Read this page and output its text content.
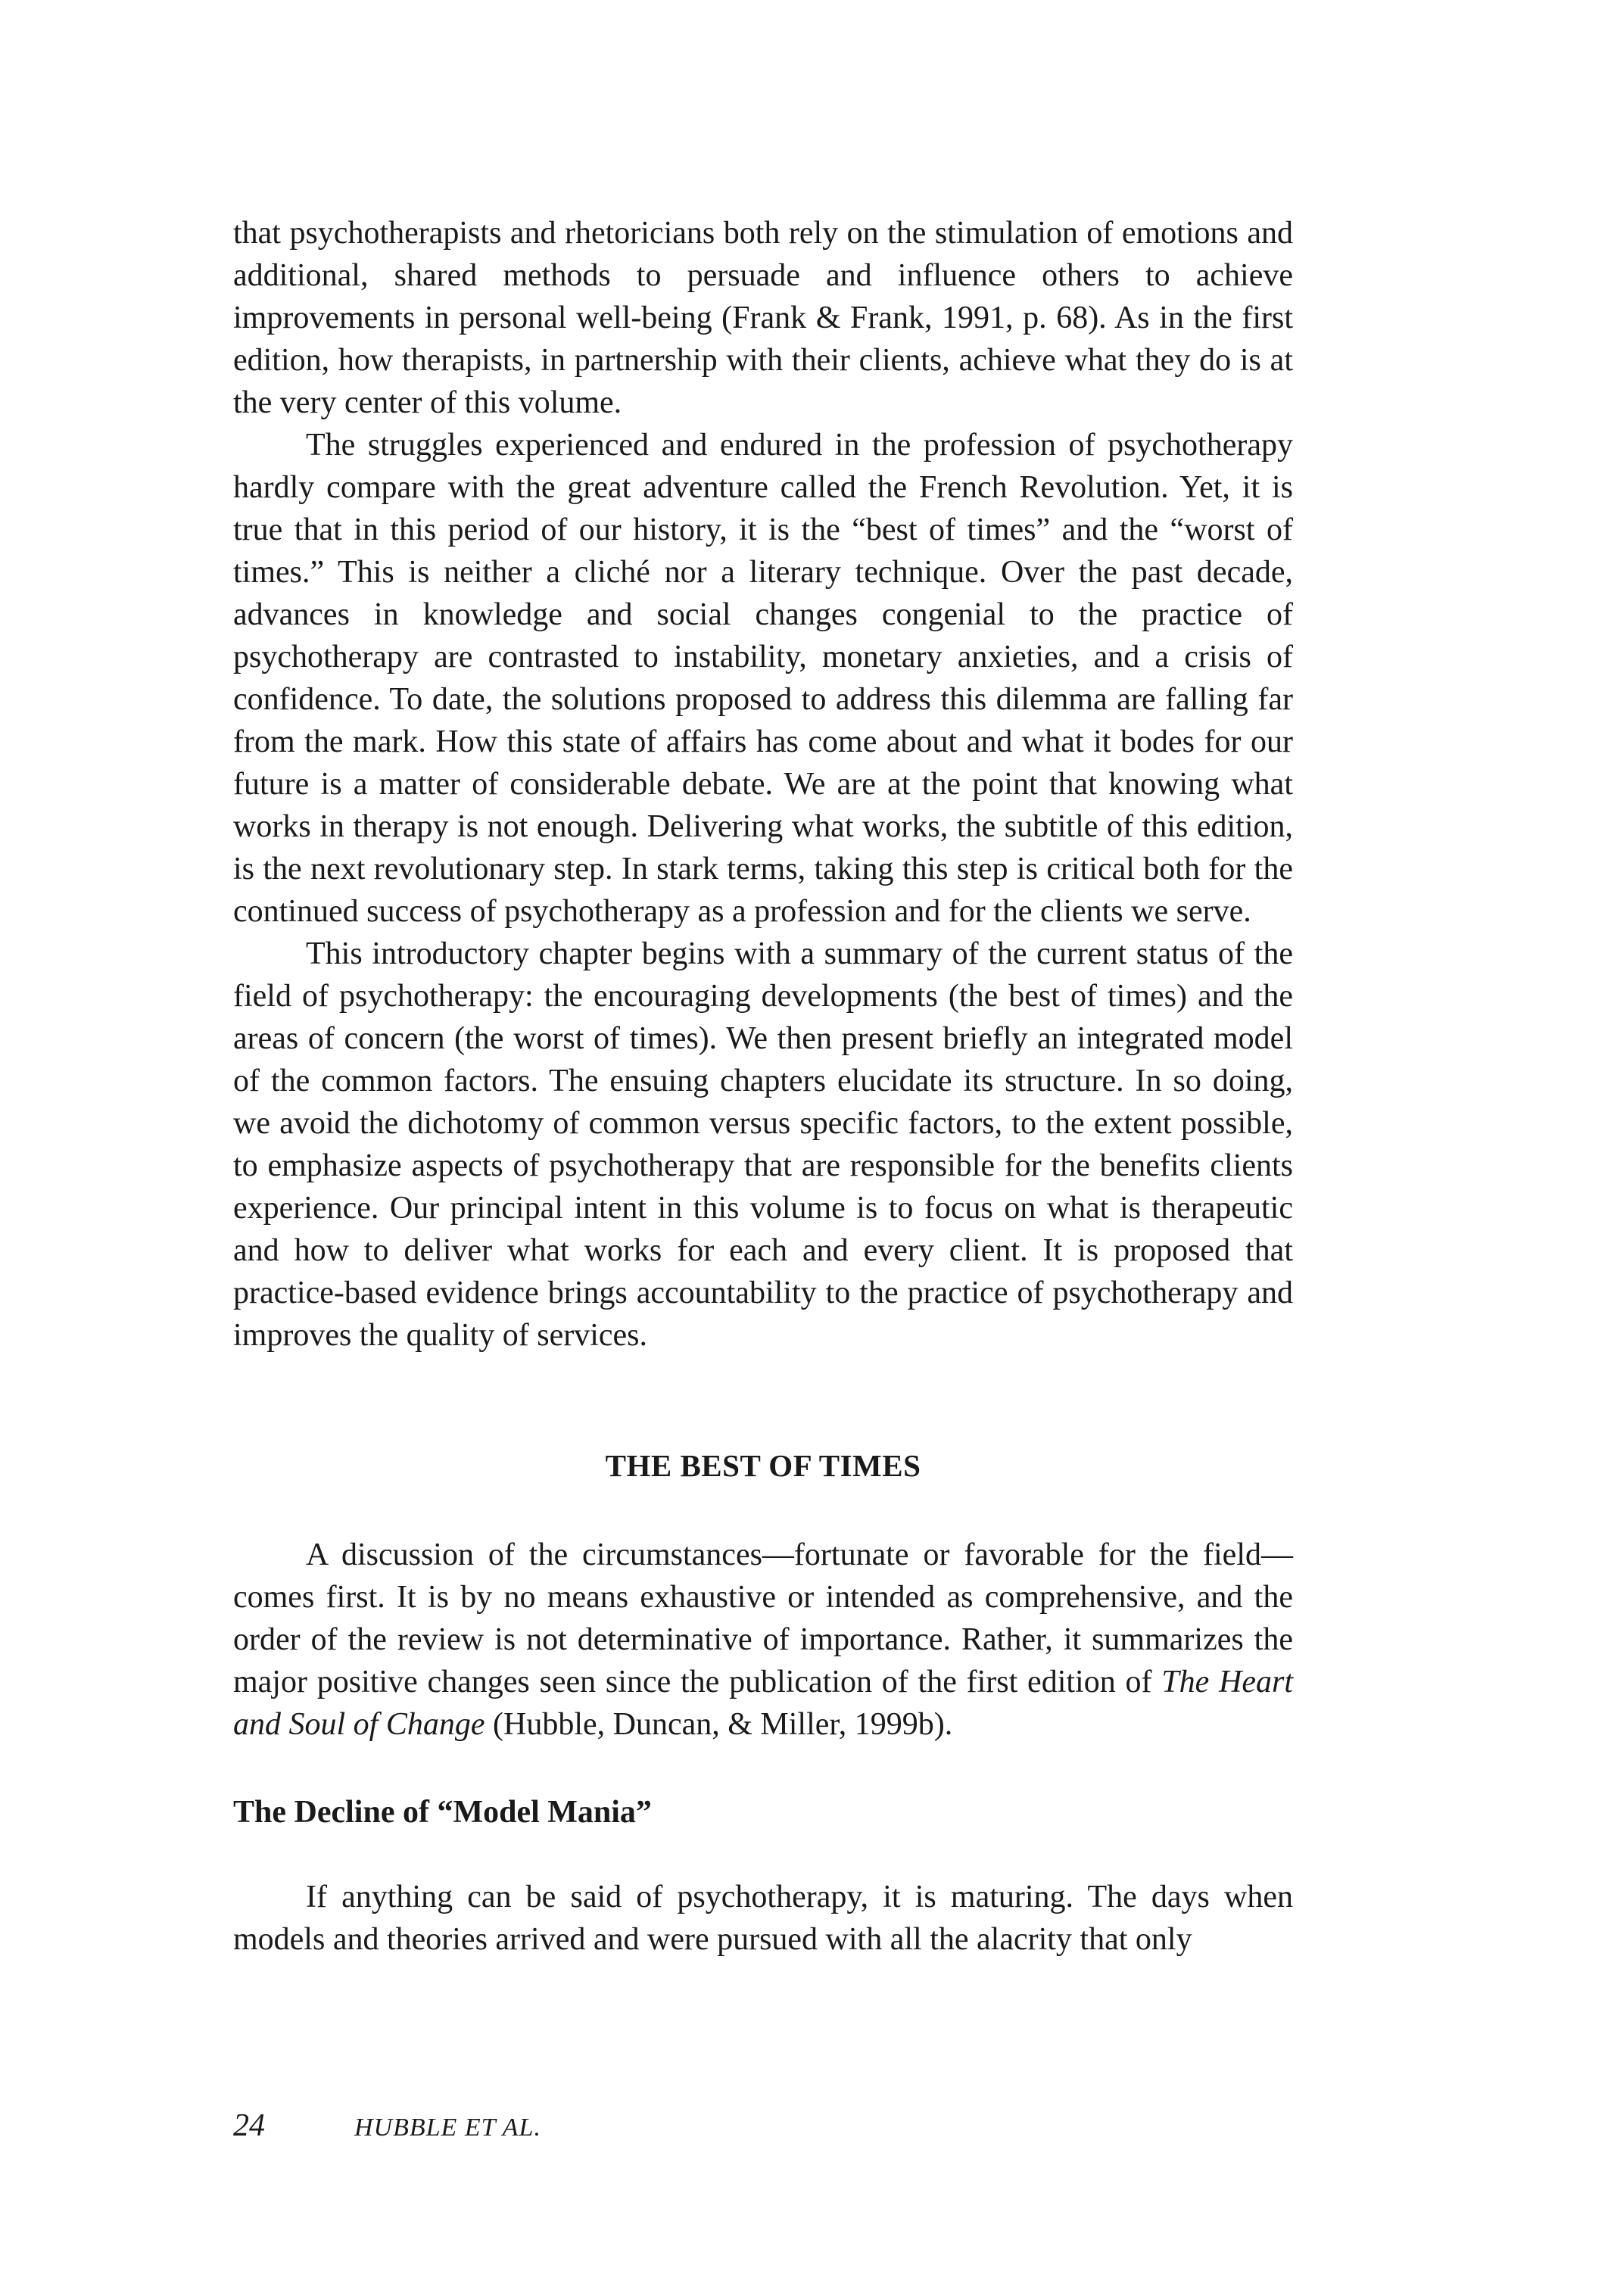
that psychotherapists and rhetoricians both rely on the stimulation of emotions and additional, shared methods to persuade and influence others to achieve improvements in personal well-being (Frank & Frank, 1991, p. 68). As in the first edition, how therapists, in partnership with their clients, achieve what they do is at the very center of this volume.

The struggles experienced and endured in the profession of psychotherapy hardly compare with the great adventure called the French Revolution. Yet, it is true that in this period of our history, it is the “best of times” and the “worst of times.” This is neither a cliché nor a literary technique. Over the past decade, advances in knowledge and social changes congenial to the practice of psychotherapy are contrasted to instability, monetary anxieties, and a crisis of confidence. To date, the solutions proposed to address this dilemma are falling far from the mark. How this state of affairs has come about and what it bodes for our future is a matter of considerable debate. We are at the point that knowing what works in therapy is not enough. Delivering what works, the subtitle of this edition, is the next revolutionary step. In stark terms, taking this step is critical both for the continued success of psychotherapy as a profession and for the clients we serve.

This introductory chapter begins with a summary of the current status of the field of psychotherapy: the encouraging developments (the best of times) and the areas of concern (the worst of times). We then present briefly an integrated model of the common factors. The ensuing chapters elucidate its structure. In so doing, we avoid the dichotomy of common versus specific factors, to the extent possible, to emphasize aspects of psychotherapy that are responsible for the benefits clients experience. Our principal intent in this volume is to focus on what is therapeutic and how to deliver what works for each and every client. It is proposed that practice-based evidence brings accountability to the practice of psychotherapy and improves the quality of services.

THE BEST OF TIMES

A discussion of the circumstances—fortunate or favorable for the field—comes first. It is by no means exhaustive or intended as comprehensive, and the order of the review is not determinative of importance. Rather, it summarizes the major positive changes seen since the publication of the first edition of The Heart and Soul of Change (Hubble, Duncan, & Miller, 1999b).

The Decline of “Model Mania”

If anything can be said of psychotherapy, it is maturing. The days when models and theories arrived and were pursued with all the alacrity that only

24	HUBBLE ET AL.
